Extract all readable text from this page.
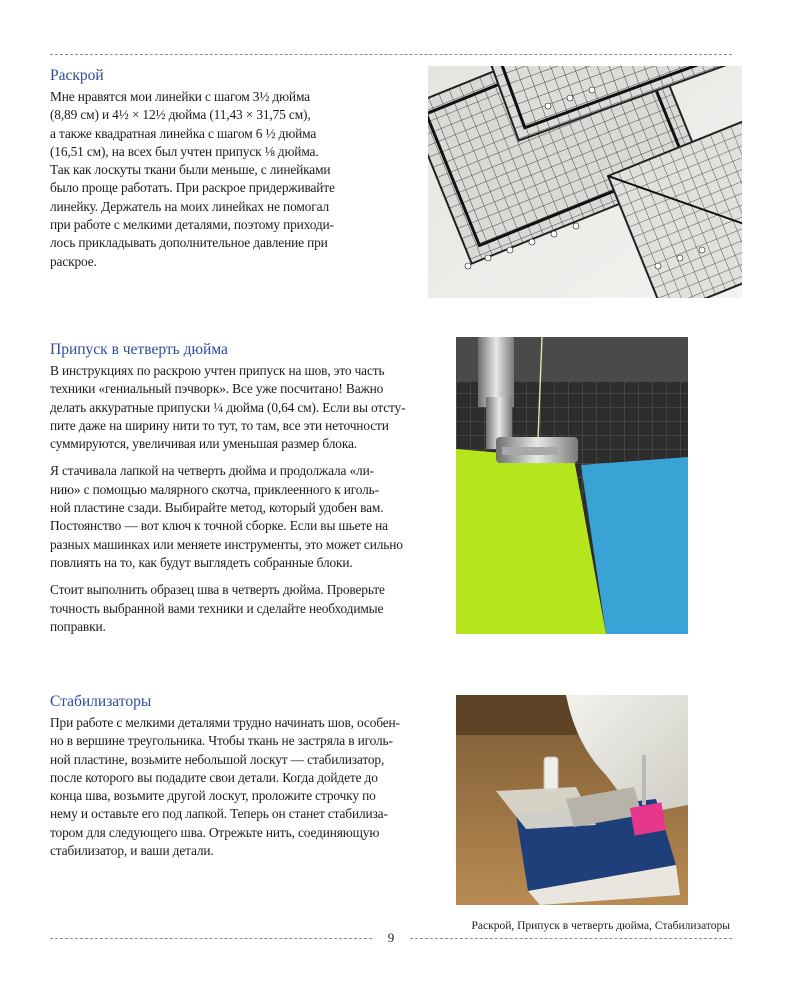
Раскрой
Мне нравятся мои линейки с шагом 3½ дюйма
(8,89 см) и 4½ × 12½ дюйма (11,43 × 31,75 см),
а также квадратная линейка с шагом 6 ½ дюйма
(16,51 см), на всех был учтен припуск ⅛ дюйма.
Так как лоскуты ткани были меньше, с линейками
было проще работать. При раскрое придерживайте
линейку. Держатель на моих линейках не помогал
при работе с мелкими деталями, поэтому приходи-
лось прикладывать дополнительное давление при
раскрое.
Припуск в четверть дюйма
В инструкциях по раскрою учтен припуск на шов, это часть
техники «гениальный пэчворк». Все уже посчитано! Важно
делать аккуратные припуски ¼ дюйма (0,64 см). Если вы отсту-
пите даже на ширину нити то тут, то там, все эти неточности
суммируются, увеличивая или уменьшая размер блока.
Я стачивала лапкой на четверть дюйма и продолжала «ли-
нию» с помощью малярного скотча, приклеенного к иголь-
ной пластине сзади. Выбирайте метод, который удобен вам.
Постоянство — вот ключ к точной сборке. Если вы шьете на
разных машинках или меняете инструменты, это может сильно
повлиять на то, как будут выглядеть собранные блоки.
Стоит выполнить образец шва в четверть дюйма. Проверьте
точность выбранной вами техники и сделайте необходимые
поправки.
Стабилизаторы
При работе с мелкими деталями трудно начинать шов, особен-
но в вершине треугольника. Чтобы ткань не застряла в иголь-
ной пластине, возьмите небольшой лоскут — стабилизатор,
после которого вы подадите свои детали. Когда дойдете до
конца шва, возьмите другой лоскут, проложите строчку по
нему и оставьте его под лапкой. Теперь он станет стабилиза-
тором для следующего шва. Отрежьте нить, соединяющую
стабилизатор, и ваши детали.
Раскрой, Припуск в четверть дюйма, Стабилизаторы
9
